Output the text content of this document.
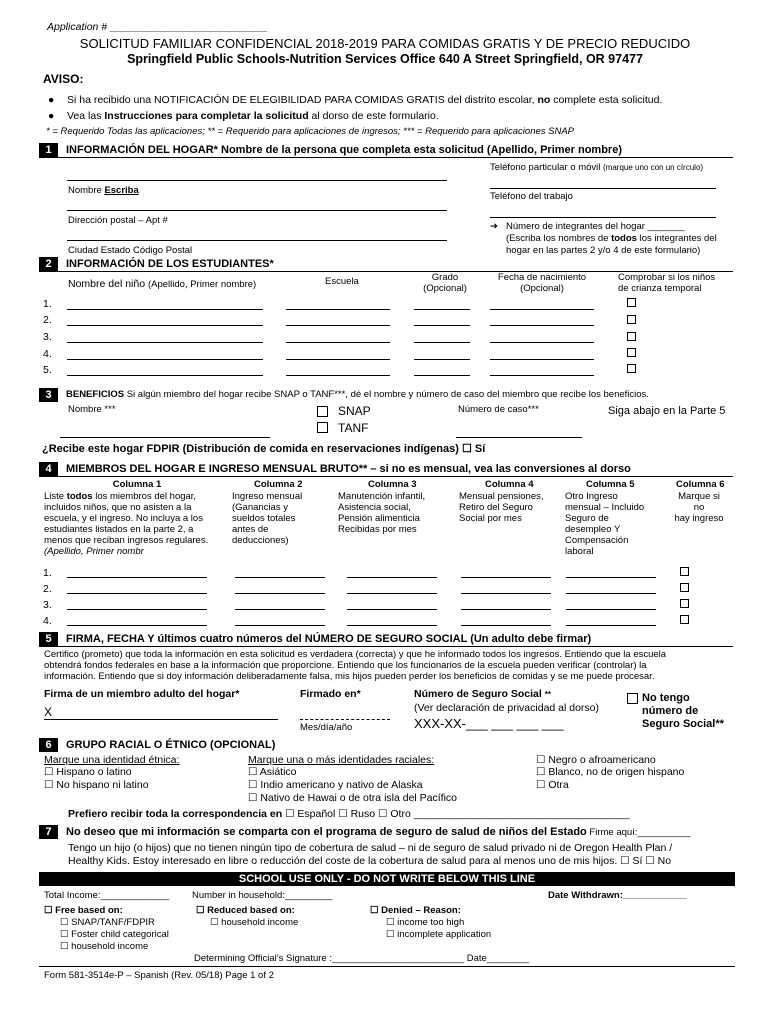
Application # ___________________________
SOLICITUD FAMILIAR CONFIDENCIAL 2018-2019 PARA COMIDAS GRATIS Y DE PRECIO REDUCIDO
Springfield Public Schools-Nutrition Services Office 640 A Street Springfield, OR 97477
AVISO:
● Si ha recibido una NOTIFICACIÓN DE ELEGIBILIDAD PARA COMIDAS GRATIS del distrito escolar, no complete esta solicitud.
● Vea las Instrucciones para completar la solicitud al dorso de este formulario.
* = Requerido Todas las aplicaciones; ** = Requerido para aplicaciones de ingresos; *** = Requerido para aplicaciones SNAP
1	INFORMACIÓN DEL HOGAR* Nombre de la persona que completa esta solicitud (Apellido, Primer nombre)
Teléfono particular o móvil (marque uno con un círculo)
Nombre Escriba
Teléfono del trabajo
Dirección postal – Apt #
➔ Número de integrantes del hogar _______
(Escriba los nombres de todos los integrantes del
hogar en las partes 2 y/o 4 de este formulario)
Ciudad Estado Código Postal
2	INFORMACIÓN DE LOS ESTUDIANTES*
Nombre del niño (Apellido, Primer nombre)	Escuela	Grado
(Opcional)
Fecha de nacimiento
(Opcional)
Comprobar si los niños
de crianza temporal
1.
2.
3.
4.
5.
3	BENEFICIOS Si algún miembro del hogar recibe SNAP o TANF***, dé el nombre y número de caso del miembro que recibe los beneficios.
Nombre ***	SNAP
TANF
Número de caso***	Siga abajo en la Parte 5
¿Recibe este hogar FDPIR (Distribución de comida en reservaciones indígenas) ☐ Sí
4	MIEMBROS DEL HOGAR E INGRESO MENSUAL BRUTO** – si no es mensual, vea las conversiones al dorso
Columna 1
Liste todos los miembros del hogar,
incluidos niños, que no asisten a la
escuela, y el ingreso. No incluya a los
estudiantes listados en la parte 2, a
menos que reciban ingresos regulares.
(Apellido, Primer nombr
Columna 2
Ingreso mensual
(Ganancias y
sueldos totales
antes de
deducciones)
Columna 3
Manutención infantil,
Asistencia social,
Pensión alimenticia
Recibidas por mes
Columna 4
Mensual pensiones,
Retiro del Seguro
Social por mes
Columna 5
Otro Ingreso
mensual – Incluido
Seguro de
desempleo Y
Compensación
laboral
Columna 6
Marque si
no
hay ingreso
1.
2.
3.
4.
5	FIRMA, FECHA Y últimos cuatro números del NÚMERO DE SEGURO SOCIAL (Un adulto debe firmar)
Certifico (prometo) que toda la información en esta solicitud es verdadera (correcta) y que he informado todos los ingresos. Entiendo que la escuela
obtendrá fondos federales en base a la información que proporcione. Entiendo que los funcionarios de la escuela pueden verificar (controlar) la
información. Entiendo que si doy información deliberadamente falsa, mis hijos pueden perder los beneficios de comidas y se me puede procesar.
Firma de un miembro adulto del hogar*
X
Firmado en*
Mes/día/año
Número de Seguro Social **
(Ver declaración de privacidad al dorso)
XXX-XX-___ ___ ___ ___
No tengo
número de
Seguro Social**
6	GRUPO RACIAL O ÉTNICO (OPCIONAL)
Marque una identidad étnica:
☐ Hispano o latino
☐ No hispano ni latino
Marque una o más identidades raciales:
☐ Asiático
☐ Indio americano y nativo de Alaska
☐ Nativo de Hawai o de otra isla del Pacífico
☐ Negro o afroamericano
☐ Blanco, no de origen hispano
☐ Otra
Prefiero recibir toda la correspondencia en ☐ Español ☐ Ruso ☐ Otro _____________________________________
7	No deseo que mi información se comparta con el programa de seguro de salud de niños del Estado Firme aquí:__________
Tengo un hijo (o hijos) que no tienen ningún tipo de cobertura de salud – ni de seguro de salud privado ni de Oregon Health Plan /
Healthy Kids. Estoy interesado en libre o reducción del coste de la cobertura de salud para al menos uno de mis hijos. ☐ Sí ☐ No
SCHOOL USE ONLY - DO NOT WRITE BELOW THIS LINE
Total Income:_____________ Number in household:_________	Date Withdrawn:____________
☐ Free based on:
☐ SNAP/TANF/FDPIR
☐ Foster child categorical
☐ household income
☐ Reduced based on:
☐ household income
☐ Denied – Reason:
☐ income too high
☐ incomplete application
Determining Official’s Signature :_________________________ Date________
Form 581-3514e-P – Spanish (Rev. 05/18) Page 1 of 2
